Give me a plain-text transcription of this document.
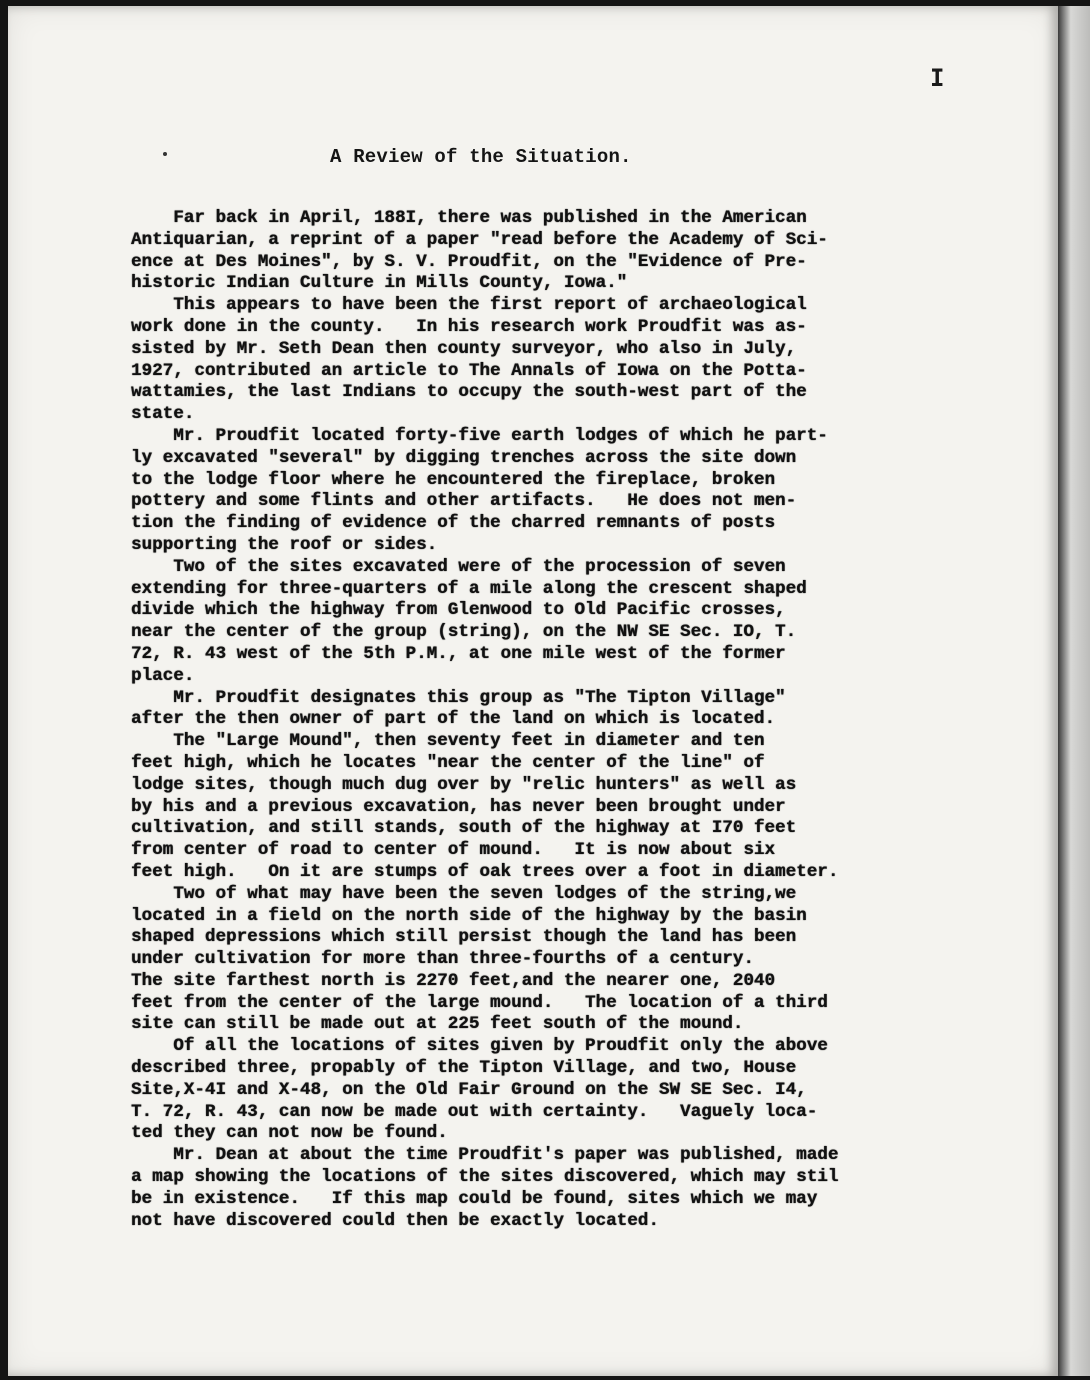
I
A Review of the Situation.
Far back in April, 188I, there was published in the American
Antiquarian, a reprint of a paper "read before the Academy of Sci-
ence at Des Moines", by S. V. Proudfit, on the "Evidence of Pre-
historic Indian Culture in Mills County, Iowa."
This appears to have been the first report of archaeological
work done in the county.   In his research work Proudfit was as-
sisted by Mr. Seth Dean then county surveyor, who also in July,
1927, contributed an article to The Annals of Iowa on the Potta-
wattamies, the last Indians to occupy the south-west part of the
state.
Mr. Proudfit located forty-five earth lodges of which he part-
ly excavated "several" by digging trenches across the site down
to the lodge floor where he encountered the fireplace, broken
pottery and some flints and other artifacts.   He does not men-
tion the finding of evidence of the charred remnants of posts
supporting the roof or sides.
Two of the sites excavated were of the procession of seven
extending for three-quarters of a mile along the crescent shaped
divide which the highway from Glenwood to Old Pacific crosses,
near the center of the group (string), on the NW SE Sec. IO, T.
72, R. 43 west of the 5th P.M., at one mile west of the former
place.
Mr. Proudfit designates this group as "The Tipton Village"
after the then owner of part of the land on which is located.
The "Large Mound", then seventy feet in diameter and ten
feet high, which he locates "near the center of the line" of
lodge sites, though much dug over by "relic hunters" as well as
by his and a previous excavation, has never been brought under
cultivation, and still stands, south of the highway at I70 feet
from center of road to center of mound.   It is now about six
feet high.   On it are stumps of oak trees over a foot in diameter.
Two of what may have been the seven lodges of the string,we
located in a field on the north side of the highway by the basin
shaped depressions which still persist though the land has been
under cultivation for more than three-fourths of a century.
The site farthest north is 2270 feet,and the nearer one, 2040
feet from the center of the large mound.   The location of a third
site can still be made out at 225 feet south of the mound.
Of all the locations of sites given by Proudfit only the above
described three, propably of the Tipton Village, and two, House
Site,X-4I and X-48, on the Old Fair Ground on the SW SE Sec. I4,
T. 72, R. 43, can now be made out with certainty.   Vaguely loca-
ted they can not now be found.
Mr. Dean at about the time Proudfit's paper was published, made
a map showing the locations of the sites discovered, which may stil
be in existence.   If this map could be found, sites which we may
not have discovered could then be exactly located.
